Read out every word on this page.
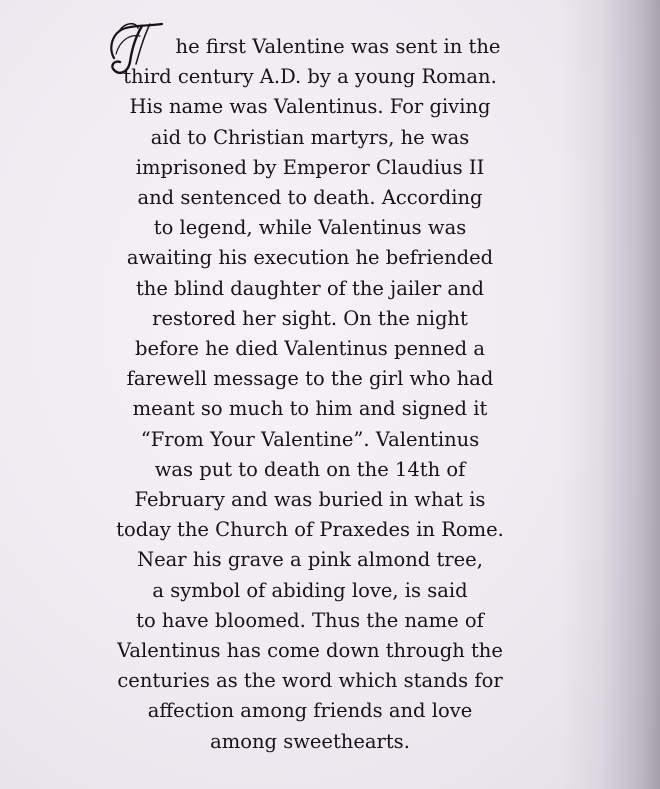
he first Valentine was sent in the
third century A.D. by a young Roman.
His name was Valentinus. For giving
aid to Christian martyrs, he was
imprisoned by Emperor Claudius II
and sentenced to death. According
to legend, while Valentinus was
awaiting his execution he befriended
the blind daughter of the jailer and
restored her sight. On the night
before he died Valentinus penned a
farewell message to the girl who had
meant so much to him and signed it
“From Your Valentine”. Valentinus
was put to death on the 14th of
February and was buried in what is
today the Church of Praxedes in Rome.
Near his grave a pink almond tree,
a symbol of abiding love, is said
to have bloomed. Thus the name of
Valentinus has come down through the
centuries as the word which stands for
affection among friends and love
among sweethearts.
